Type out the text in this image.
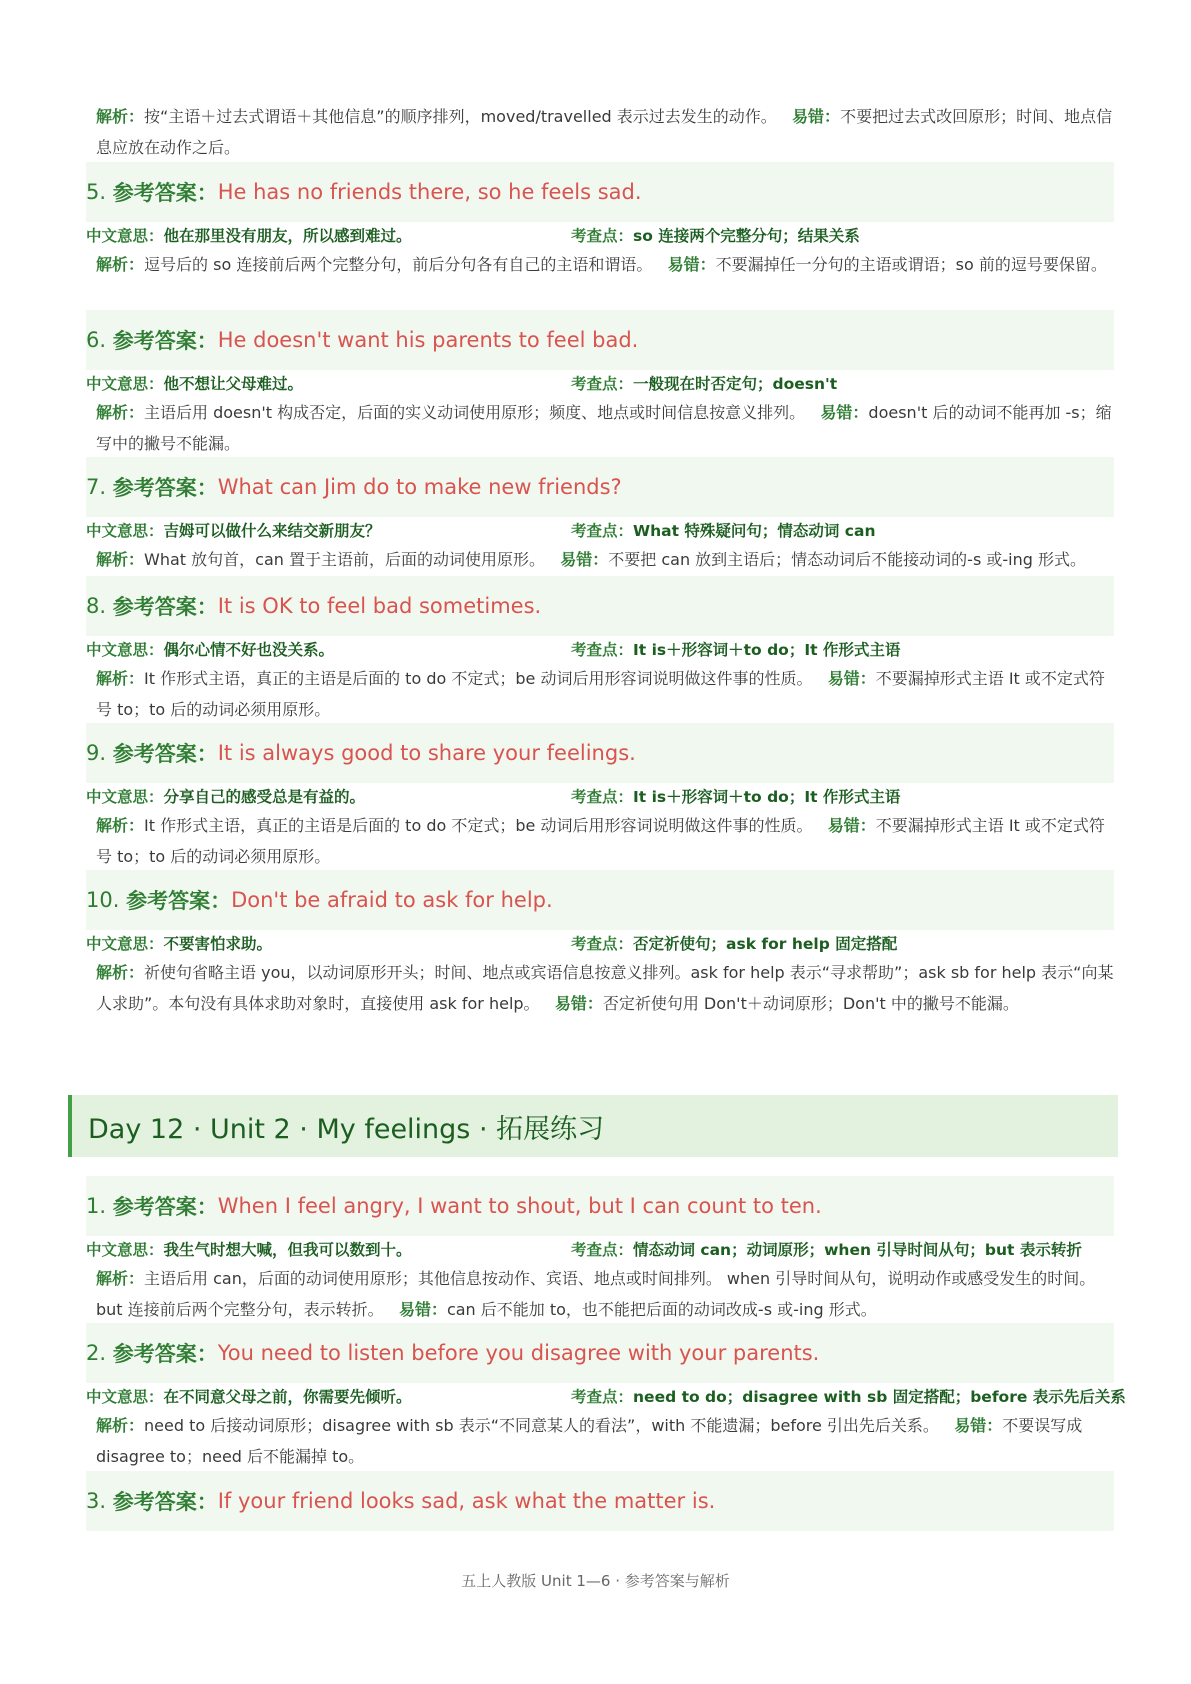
解析：按“主语＋过去式谓语＋其他信息”的顺序排列，moved/travelled 表示过去发生的动作。 易错：不要把过去式改回原形；时间、地点信息应放在动作之后。
5.
参考答案： He has no friends there, so he feels sad.
中文意思：他在那里没有朋友，所以感到难过。	考查点：so 连接两个完整分句；结果关系
解析：逗号后的 so 连接前后两个完整分句，前后分句各有自己的主语和谓语。 易错：不要漏掉任一分句的主语或谓语；so 前的逗号要保留。
6.
参考答案： He doesn't want his parents to feel bad.
中文意思：他不想让父母难过。	考查点：一般现在时否定句；doesn't
解析：主语后用 doesn't 构成否定，后面的实义动词使用原形；频度、地点或时间信息按意义排列。 易错：doesn't 后的动词不能再加 -s；缩写中的撇号不能漏。
7.
参考答案： What can Jim do to make new friends?
中文意思：吉姆可以做什么来结交新朋友？	考查点：What 特殊疑问句；情态动词 can
解析：What 放句首，can 置于主语前，后面的动词使用原形。 易错：不要把 can 放到主语后；情态动词后不能接动词的-s 或-ing 形式。
8.
参考答案： It is OK to feel bad sometimes.
中文意思：偶尔心情不好也没关系。	考查点：It is＋形容词＋to do；It 作形式主语
解析：It 作形式主语，真正的主语是后面的 to do 不定式；be 动词后用形容词说明做这件事的性质。 易错：不要漏掉形式主语 It 或不定式符号 to；to 后的动词必须用原形。
9.
参考答案： It is always good to share your feelings.
中文意思：分享自己的感受总是有益的。	考查点：It is＋形容词＋to do；It 作形式主语
解析：It 作形式主语，真正的主语是后面的 to do 不定式；be 动词后用形容词说明做这件事的性质。 易错：不要漏掉形式主语 It 或不定式符号 to；to 后的动词必须用原形。
10.
参考答案： Don't be afraid to ask for help.
中文意思：不要害怕求助。	考查点：否定祈使句；ask for help 固定搭配
解析：祈使句省略主语 you，以动词原形开头；时间、地点或宾语信息按意义排列。ask for help 表示“寻求帮助”；ask sb for help 表示“向某人求助”。本句没有具体求助对象时，直接使用 ask for help。 易错：否定祈使句用 Don't＋动词原形；Don't 中的撇号不能漏。
Day 12 · Unit 2 · My feelings · 拓展练习
1.
参考答案： When I feel angry, I want to shout, but I can count to ten.
中文意思：我生气时想大喊，但我可以数到十。	考查点：情态动词 can；动词原形；when 引导时间从句；but 表示转折
解析：主语后用 can，后面的动词使用原形；其他信息按动作、宾语、地点或时间排列。 when 引导时间从句，说明动作或感受发生的时间。 but 连接前后两个完整分句，表示转折。 易错：can 后不能加 to，也不能把后面的动词改成-s 或-ing 形式。
2.
参考答案： You need to listen before you disagree with your parents.
中文意思：在不同意父母之前，你需要先倾听。	考查点：need to do；disagree with sb 固定搭配；before 表示先后关系
解析：need to 后接动词原形；disagree with sb 表示“不同意某人的看法”，with 不能遗漏；before 引出先后关系。 易错：不要误写成 disagree to；need 后不能漏掉 to。
3.
参考答案： If your friend looks sad, ask what the matter is.
五上人教版 Unit 1—6 · 参考答案与解析
